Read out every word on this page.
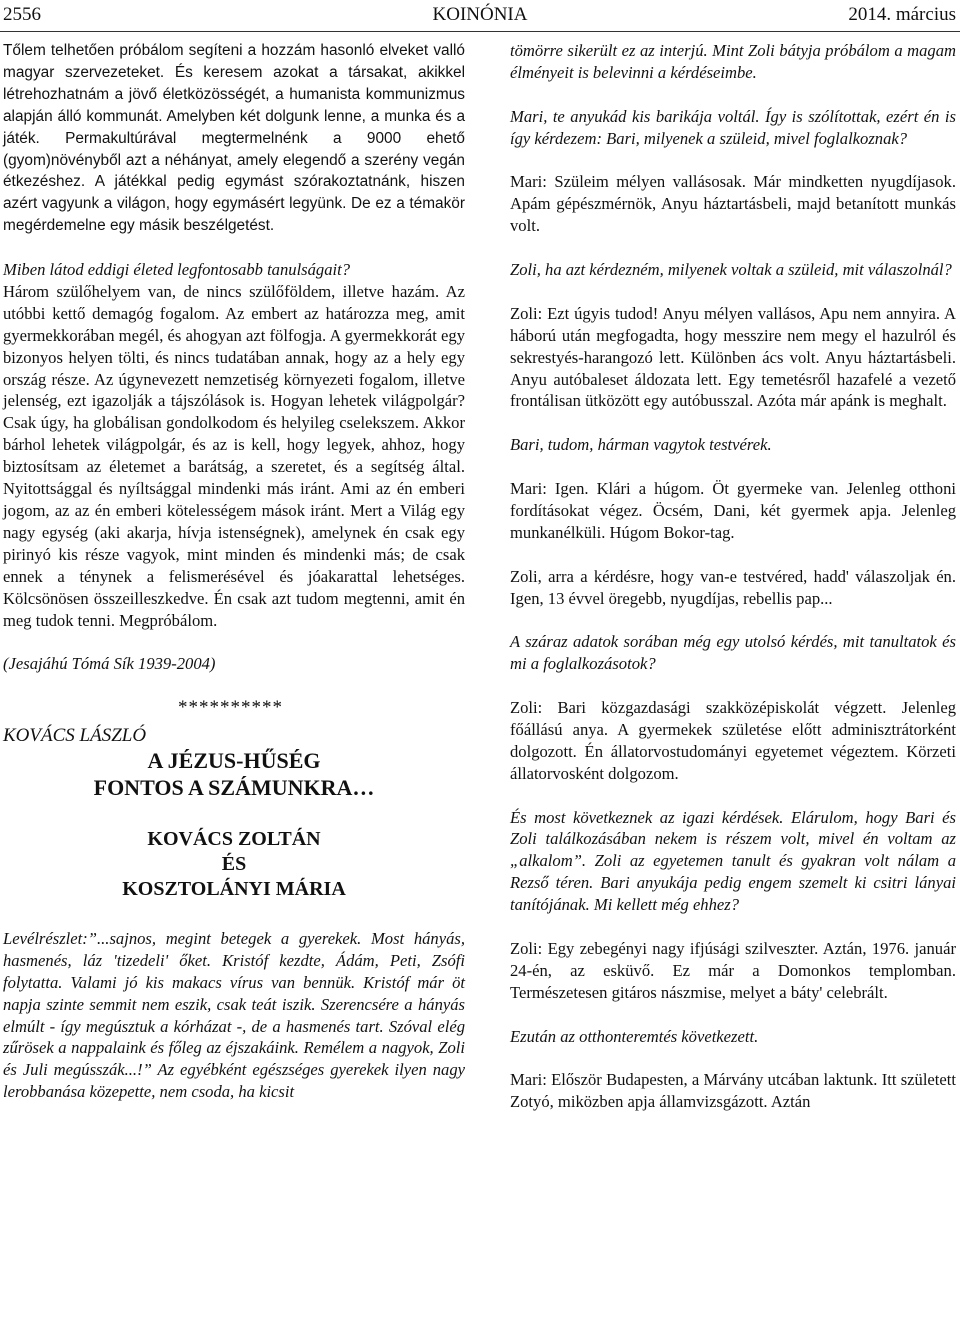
2556	KOINÓNIA	2014. március

Tőlem telhetően próbálom segíteni a hozzám hasonló elveket valló magyar szervezeteket. És keresem azokat a társakat, akikkel létrehozhatnám a jövő életközösségét, a humanista kommunizmus alapján álló kommunát. Amelyben két dolgunk lenne, a munka és a játék. Permakultúrával megtermelnénk a 9000 ehető (gyom)növényből azt a néhányat, amely elegendő a szerény vegán étkezéshez. A játékkal pedig egymást szórakoztatnánk, hiszen azért vagyunk a világon, hogy egymásért legyünk. De ez a témakör megérdemelne egy másik beszélgetést.

Miben látod eddigi életed legfontosabb tanulságait?

Három szülőhelyem van, de nincs szülőföldem, illetve hazám. Az utóbbi kettő demagóg fogalom. Az embert az határozza meg, amit gyermekkorában megél, és ahogyan azt fölfogja. A gyermekkorát egy bizonyos helyen tölti, és nincs tudatában annak, hogy az a hely egy ország része. Az úgynevezett nemzetiség környezeti fogalom, illetve jelenség, ezt igazolják a tájszólások is. Hogyan lehetek világpolgár? Csak úgy, ha globálisan gondolkodom és helyileg cselekszem. Akkor bárhol lehetek világpolgár, és az is kell, hogy legyek, ahhoz, hogy biztosítsam az életemet a barátság, a szeretet, és a segítség által. Nyitottsággal és nyíltsággal mindenki más iránt. Ami az én emberi jogom, az az én emberi kötelességem mások iránt. Mert a Világ egy nagy egység (aki akarja, hívja istenségnek), amelynek én csak egy pirinyó kis része vagyok, mint minden és mindenki más; de csak ennek a ténynek a felismerésével és jóakarattal lehetséges. Kölcsönösen összeilleszkedve. Én csak azt tudom megtenni, amit én meg tudok tenni. Megpróbálom.

(Jesajáhú Tómá Sík 1939-2004)

**********
KOVÁCS LÁSZLÓ
A JÉZUS-HŰSÉG
FONTOS A SZÁMUNKRA…
KOVÁCS ZOLTÁN
ÉS
KOSZTOLÁNYI MÁRIA

Levélrészlet:”...sajnos, megint betegek a gyerekek. Most hányás, hasmenés, láz 'tizedeli' őket. Kristóf kezdte, Ádám, Peti, Zsófi folytatta. Valami jó kis makacs vírus van bennük. Kristóf már öt napja szinte semmit nem eszik, csak teát iszik. Szerencsére a hányás elmúlt - így megúsztuk a kórházat -, de a hasmenés tart. Szóval elég zűrösek a nappalaink és főleg az éjszakáink. Remélem a nagyok, Zoli és Juli megússzák...!” Az egyébként egészséges gyerekek ilyen nagy lerobbanása közepette, nem csoda, ha kicsit

tömörre sikerült ez az interjú. Mint Zoli bátyja próbálom a magam élményeit is belevinni a kérdéseimbe.

Mari, te anyukád kis barikája voltál. Így is szólítottak, ezért én is így kérdezem: Bari, milyenek a szüleid, mivel foglalkoznak?

Mari: Szüleim mélyen vallásosak. Már mindketten nyugdíjasok. Apám gépészmérnök, Anyu háztartásbeli, majd betanított munkás volt.

Zoli, ha azt kérdezném, milyenek voltak a szüleid, mit válaszolnál?

Zoli: Ezt úgyis tudod! Anyu mélyen vallásos, Apu nem annyira. A háború után megfogadta, hogy messzire nem megy el hazulról és sekrestyés-harangozó lett. Különben ács volt. Anyu háztartásbeli. Anyu autóbaleset áldozata lett. Egy temetésről hazafelé a vezető frontálisan ütközött egy autóbusszal. Azóta már apánk is meghalt.

Bari, tudom, hárman vagytok testvérek.

Mari: Igen. Klári a húgom. Öt gyermeke van. Jelenleg otthoni fordításokat végez. Öcsém, Dani, két gyermek apja. Jelenleg munkanélküli. Húgom Bokor-tag.

Zoli, arra a kérdésre, hogy van-e testvéred, hadd' válaszoljak én. Igen, 13 évvel öregebb, nyugdíjas, rebellis pap...

A száraz adatok sorában még egy utolsó kérdés, mit tanultatok és mi a foglalkozásotok?

Zoli: Bari közgazdasági szakközépiskolát végzett. Jelenleg főállású anya. A gyermekek születése előtt adminisztrátorként dolgozott. Én állatorvostudományi egyetemet végeztem. Körzeti állatorvosként dolgozom.

És most következnek az igazi kérdések. Elárulom, hogy Bari és Zoli találkozásában nekem is részem volt, mivel én voltam az „alkalom”. Zoli az egyetemen tanult és gyakran volt nálam a Rezső téren. Bari anyukája pedig engem szemelt ki csitri lányai tanítójának. Mi kellett még ehhez?

Zoli: Egy zebegényi nagy ifjúsági szilveszter. Aztán, 1976. január 24-én, az esküvő. Ez már a Domonkos templomban. Természetesen gitáros nászmise, melyet a báty' celebrált.

Ezután az otthonteremtés következett.

Mari: Először Budapesten, a Márvány utcában laktunk. Itt született Zotyó, miközben apja államvizsgázott. Aztán
